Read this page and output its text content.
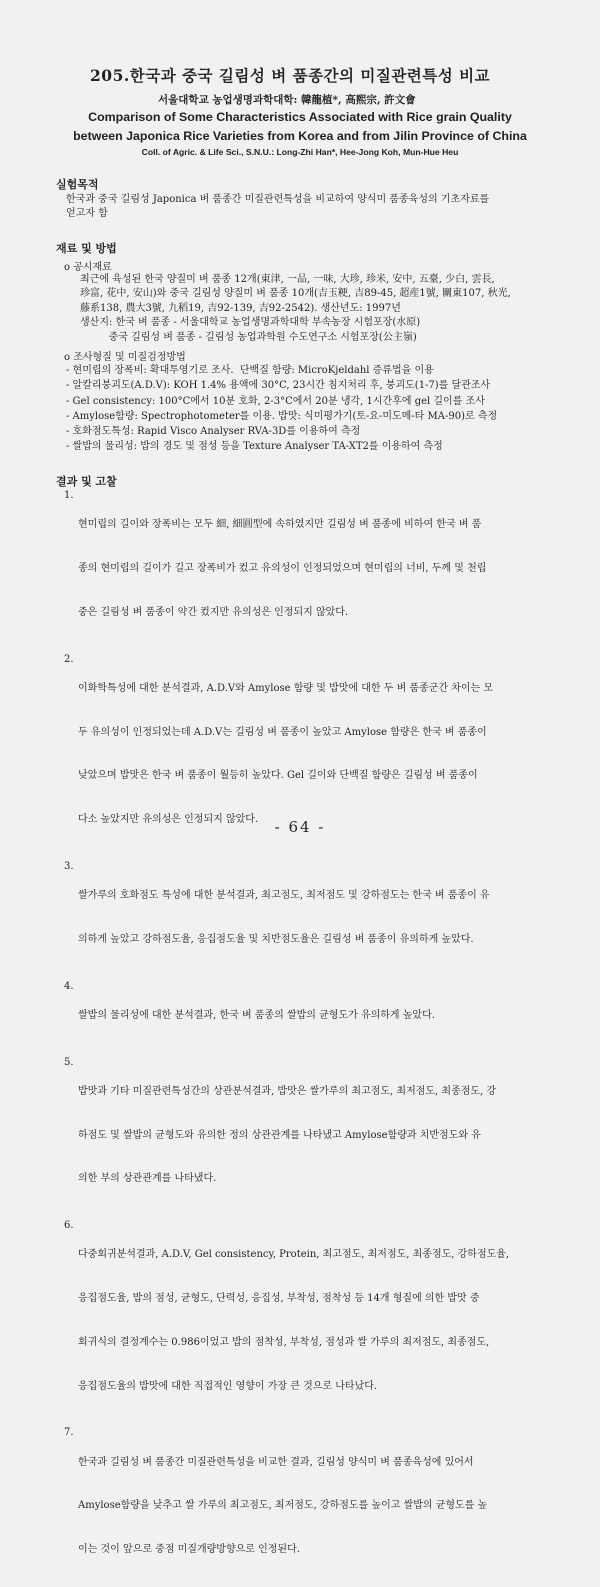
205.한국과 중국 길림성 벼 품종간의 미질관련특성 비교
서울대학교 농업생명과학대학: 韓龍植*, 高熙宗, 許文會
Comparison of Some Characteristics Associated with Rice grain Quality
between Japonica Rice Varieties from Korea and from Jilin Province of China
Coll. of Agric. & Life Sci., S.N.U.: Long-Zhi Han*, Hee-Jong Koh, Mun-Hue Heu
실험목적
한국과 중국 길림성 Japonica 벼 품종간 미질관련특성을 비교하여 양식미 품종육성의 기초자료를
얻고자 함
재료 및 방법
o 공시재료
최근에 육성된 한국 양질미 벼 품종 12개(東津, 一品, 一味, 大珍, 珍米, 安中, 五臺, 少白, 雲長,
珍富, 花中, 安山)와 중국 길림성 양질미 벼 품종 10개(吉玉粳, 吉89-45, 超産1號, 關東107, 秋光,
藤系138, 農大3號, 九稻19, 吉92-139, 吉92-2542). 생산년도: 1997년
생산지: 한국 벼 품종 - 서울대학교 농업생명과학대학 부속농장 시험포장(水原)
중국 길림성 벼 품종 - 길림성 농업과학원 수도연구소 시험포장(公主嶺)
o 조사형질 및 미질검정방법
- 현미립의 장폭비: 확대투영기로 조사.  단백질 함량: MicroKjeldahl 증류법을 이용
- 알칼리붕괴도(A.D.V): KOH 1.4% 용액에 30°C, 23시간 침지처리 후, 붕괴도(1-7)를 달관조사
- Gel consistency: 100°C에서 10분 호화, 2-3°C에서 20분 냉각, 1시간후에 gel 길이를 조사
- Amylose함량: Spectrophotometer를 이용. 밥맛: 식미평가기(토-요-미도메-타 MA-90)로 측정
- 호화점도특성: Rapid Visco Analyser RVA-3D를 이용하여 측정
- 쌀밥의 물리성: 밥의 경도 및 점성 등을 Texture Analyser TA-XT2를 이용하여 측정
결과 및 고찰
1.

현미립의 길이와 장폭비는 모두 細, 細圓型에 속하였지만 길림성 벼 품종에 비하여 한국 벼 품

종의 현미립의 길이가 길고 장폭비가 컸고 유의성이 인정되었으며 현미립의 너비, 두께 및 천립

중은 길림성 벼 품종이 약간 컸지만 유의성은 인정되지 않았다.

2.

이화학특성에 대한 분석결과, A.D.V와 Amylose 함량 및 밥맛에 대한 두 벼 품종군간 차이는 모

두 유의성이 인정되었는데 A.D.V는 길림성 벼 품종이 높았고 Amylose 함량은 한국 벼 품종이

낮았으며 밥맛은 한국 벼 품종이 월등히 높았다. Gel 길이와 단백질 함량은 길림성 벼 품종이

다소 높았지만 유의성은 인정되지 않았다.

3.

쌀가루의 호화점도 특성에 대한 분석결과, 최고점도, 최저점도 및 강하점도는 한국 벼 품종이 유

의하게 높았고 강하점도율, 응집점도율 및 치반점도율은 길림성 벼 품종이 유의하게 높았다.

4.

쌀밥의 물리성에 대한 분석결과, 한국 벼 품종의 쌀밥의 균형도가 유의하게 높았다.

5.

밥맛과 기타 미질관련특성간의 상관분석결과, 밥맛은 쌀가루의 최고점도, 최저점도, 최종점도, 강

하점도 및 쌀밥의 균형도와 유의한 정의 상관관계를 나타냈고 Amylose함량과 치반점도와 유

의한 부의 상관관계를 나타냈다.

6.

다중회귀분석결과, A.D.V, Gel consistency, Protein, 최고점도, 최저점도, 최종점도, 강하점도율,

응집점도율, 밥의 점성, 균형도, 단력성, 응집성, 부착성, 점착성 등 14개 형질에 의한 밥맛 중

회귀식의 결정계수는 0.986이었고 밥의 점착성, 부착성, 점성과 쌀 가루의 최저점도, 최종점도,

응집점도율의 밥맛에 대한 직접적인 영향이 가장 큰 것으로 나타났다.

7.

한국과 길림성 벼 품종간 미질관련특성을 비교한 결과, 길림성 양식미 벼 품종육성에 있어서

Amylose함량을 낮추고 쌀 가루의 최고점도, 최저점도, 강하점도를 높이고 쌀밥의 균형도를 높

이는 것이 앞으로 중점 미질개량방향으로 인정된다.

- 64 -
